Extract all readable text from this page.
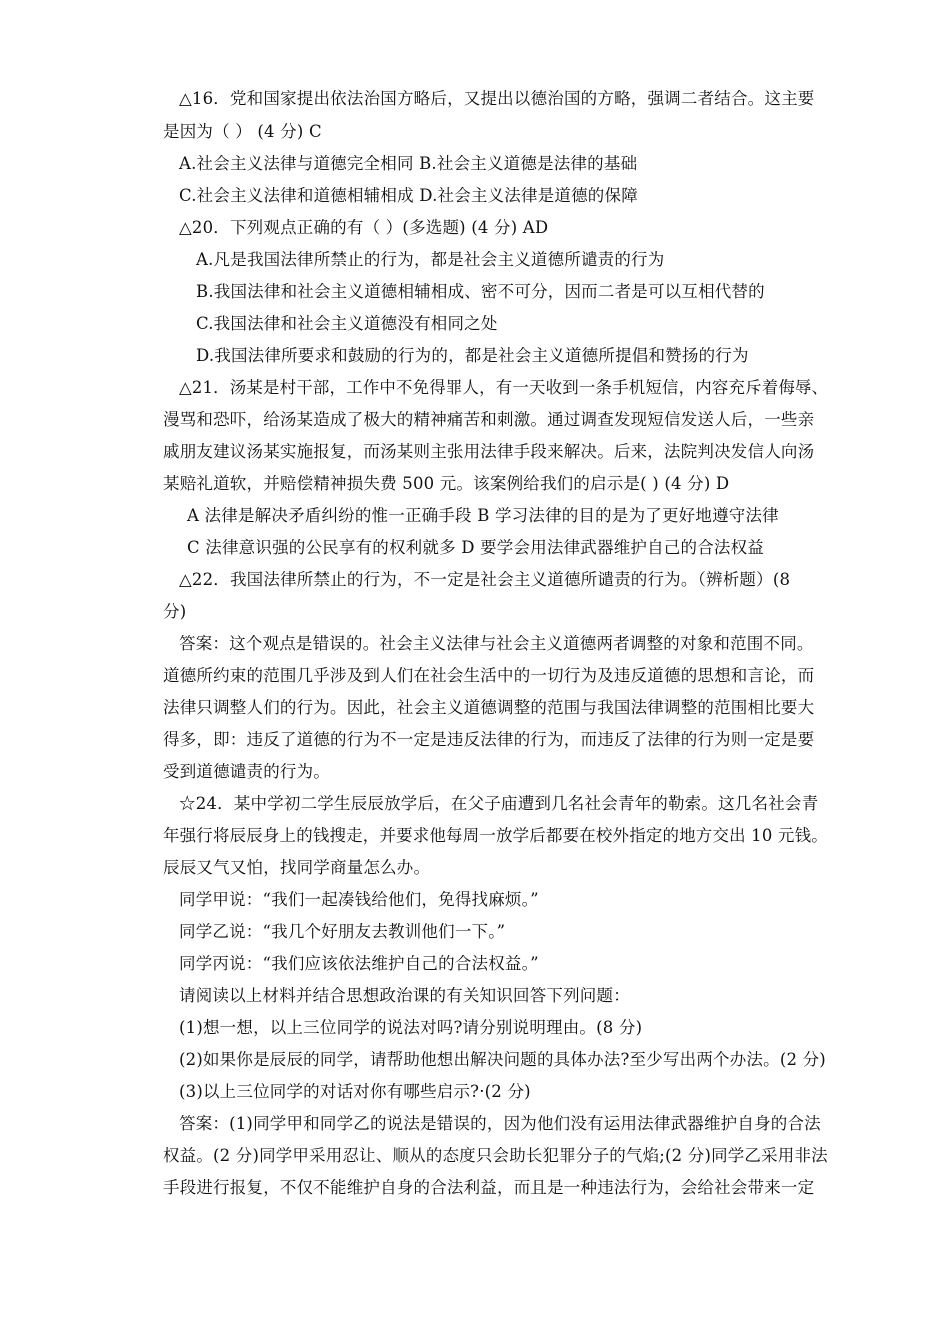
△16．党和国家提出依法治国方略后，又提出以德治国的方略，强调二者结合。这主要
是因为（ ） (4 分) C
A.社会主义法律与道德完全相同 B.社会主义道德是法律的基础
C.社会主义法律和道德相辅相成 D.社会主义法律是道德的保障
△20．下列观点正确的有（ ）(多选题) (4 分) AD
A.凡是我国法律所禁止的行为，都是社会主义道德所谴责的行为
B.我国法律和社会主义道德相辅相成、密不可分，因而二者是可以互相代替的
C.我国法律和社会主义道德没有相同之处
D.我国法律所要求和鼓励的行为的，都是社会主义道德所提倡和赞扬的行为
△21．汤某是村干部，工作中不免得罪人，有一天收到一条手机短信，内容充斥着侮辱、
漫骂和恐吓，给汤某造成了极大的精神痛苦和刺激。通过调查发现短信发送人后，一些亲
戚朋友建议汤某实施报复，而汤某则主张用法律手段来解决。后来，法院判决发信人向汤
某赔礼道软，并赔偿精神损失费 500 元。该案例给我们的启示是( ) (4 分) D
A 法律是解决矛盾纠纷的惟一正确手段 B 学习法律的目的是为了更好地遵守法律
C 法律意识强的公民享有的权利就多 D 要学会用法律武器维护自己的合法权益
△22．我国法律所禁止的行为，不一定是社会主义道德所谴责的行为。（辨析题）(8
分)
答案：这个观点是错误的。社会主义法律与社会主义道德两者调整的对象和范围不同。
道德所约束的范围几乎涉及到人们在社会生活中的一切行为及违反道德的思想和言论，而
法律只调整人们的行为。因此，社会主义道德调整的范围与我国法律调整的范围相比要大
得多，即：违反了道德的行为不一定是违反法律的行为，而违反了法律的行为则一定是要
受到道德谴责的行为。
☆24．某中学初二学生辰辰放学后，在父子庙遭到几名社会青年的勒索。这几名社会青
年强行将辰辰身上的钱搜走，并要求他每周一放学后都要在校外指定的地方交出 10 元钱。
辰辰又气又怕，找同学商量怎么办。
同学甲说：“我们一起凑钱给他们，免得找麻烦。”
同学乙说：“我几个好朋友去教训他们一下。”
同学丙说：“我们应该依法维护自己的合法权益。”
请阅读以上材料并结合思想政治课的有关知识回答下列问题：
(1)想一想，以上三位同学的说法对吗?请分别说明理由。(8 分)
(2)如果你是辰辰的同学，请帮助他想出解决问题的具体办法?至少写出两个办法。(2 分)
(3)以上三位同学的对话对你有哪些启示?·(2 分)
答案：(1)同学甲和同学乙的说法是错误的，因为他们没有运用法律武器维护自身的合法
权益。(2 分)同学甲采用忍让、顺从的态度只会助长犯罪分子的气焰;(2 分)同学乙采用非法
手段进行报复，不仅不能维护自身的合法利益，而且是一种违法行为，会给社会带来一定
